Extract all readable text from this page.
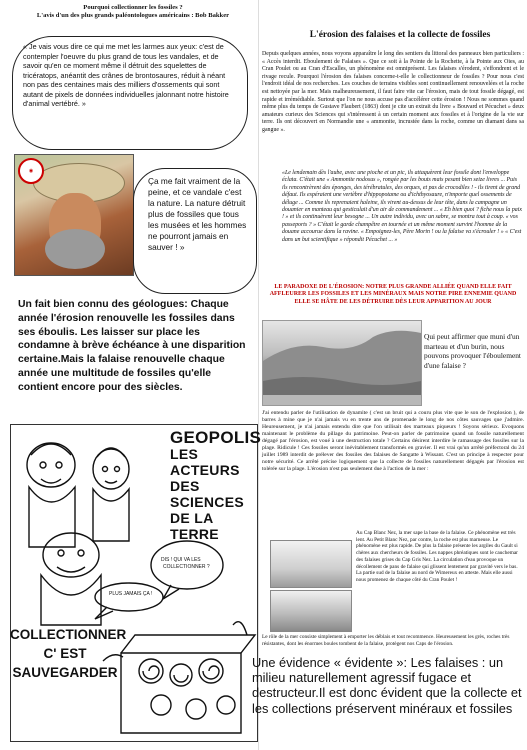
Pourquoi collectionner les fossiles ?
L'avis d'un des plus grands paléontologues américains : Bob Bakker
« Je vais vous dire ce qui me met les larmes aux yeux: c'est de contempler l'oeuvre du plus grand de tous les vandales, et de savoir qu'en ce moment même il détruit des squelettes de tricératops, anéantit des crânes de brontosaures, réduit à néant non pas des centaines mais des milliers d'ossements qui sont autant de pixels de données individuelles jalonnant notre histoire d'animal vertébré. »
◉
Ça me fait vraiment de la peine, et ce vandale c'est la nature. La nature détruit plus de fossiles que tous les musées et les hommes ne pourront jamais en sauver ! »
Un fait bien connu des géologues: Chaque année l'érosion renouvelle les fossiles dans ses éboulis. Les laisser sur place les condamne à brève échéance à une disparition certaine.Mais la falaise renouvelle chaque année une multitude de fossiles qu'elle contient encore pour des siècles.
PLUS JAMAIS ÇA !
DIS ! QUI VA LES
COLLECTIONNER ?
GEOPOLIS
LES ACTEURS
DES SCIENCES
DE LA TERRE
COLLECTIONNER
C' EST
SAUVEGARDER
L'érosion des falaises et la collecte de fossiles
Depuis quelques années, nous voyons apparaître le long des sentiers du littoral des panneaux bien particuliers : « Accès interdit. Eboulement de Falaises ». Que ce soit à la Pointe de la Rochette, à la Pointe aux Oies, au Cran Poulet ou au Cran d'Escalles, un phénomène est omniprésent. Les falaises s'érodent, s'effondrent et le rivage recule. Pourquoi l'érosion des falaises concerne-t-elle le collectionneur de fossiles ? Pour nous c'est l'endroit idéal de nos recherches. Les couches de terrains visibles sont continuellement renouvelées et la roche est nettoyée par la mer. Mais malheureusement, il faut faire vite car l'érosion, mais de tout fossile dégagé, est rapide et irrémédiable. Surtout que l'on ne nous accuse pas d'accélérer cette érosion ! Nous ne sommes quand même plus du temps de Gustave Flaubert (1863) dont je cite un extrait du livre « Bouvard et Pécuchet » deux amateurs curieux des Sciences qui s'intéressent à un certain moment aux fossiles et à l'origine de la vie sur terre. Ils ont découvert en Normandie une « ammonite, incrustée dans la roche, comme un diamant dans sa gangue ».
«Le lendemain dès l'aube, avec une pioche et un pic, ils attaquèrent leur fossile dont l'enveloppe éclata. C'était une « Ammonite nodosus », rongée par les bouts mais pesant bien seize livres ... Puis ils rencontrèrent des éponges, des térébratules, des orques, et pas de crocodiles ! - ils tirent de grand défaut. Ils espéraient une vertèbre d'hippopotame ou d'ichthyosaure, n'importe quel ossements de déluge ... Comme ils reprenaient haleine, ils virent au-dessus de leur tête, dans la campagne un douanier en manteau qui gesticulait d'un air de commandement ... « Eh bien quoi ? fiche nous la paix ! » et ils continuèrent leur besogne ... Un autre individu, avec un sabre, se montra tout à coup. « vos passeports ? » C'était le garde champêtre en tournée et un même moment survint l'homme de la douane accourue dans la ravine. « Empoignez-les, Père Morin ! ou la falaise va s'écrouler ! » « C'est dans un but scientifique » répondit Pécuchet ... »
LE PARADOXE DE L'ÉROSION: NOTRE PLUS GRANDE ALLIÉE QUAND ELLE FAIT AFFLEURER LES FOSSILES ET LES MINÉRAUX MAIS NOTRE PIRE ENNEMIE QUAND ELLE SE HÂTE DE LES DÉTRUIRE DÈS LEUR APPARITION AU JOUR
Qui peut affirmer que muni d'un marteau et d'un burin, nous pouvons provoquer l'éboulement d'une falaise ?
J'ai entendu parler de l'utilisation de dynamite ( c'est un bruit qui a couru plus vite que le son de l'explosion ), de barres à mine que je n'ai jamais vu en trente ans de promenade le long de nos côtes sauvages que j'admire. Heureusement, je n'ai jamais entendu dire que l'on utilisait des marteaux piqueurs ! Soyons sérieux. Evoquons maintenant le problème du pillage du patrimoine. Peut-on parler de patrimoine quand un fossile naturellement dégagé par l'érosion, est voué à une destruction totale ? Certains désirent interdire le ramassage des fossiles sur la plage. Ridicule ! Ces fossiles seront inévitablement transformés en gravier. Il est vrai qu'un arrêté préfectoral du 24 juillet 1989 interdit de prélever des fossiles des falaises de Sangatte à Wissant. C'est un principe à respecter pour notre sécurité. Ce arrêté précise logiquement que la collecte de fossiles naturellement dégagés par l'érosion est tolérée sur la plage. L'érosion n'est pas seulement due à l'action de la mer :
Au Cap Blanc Nez, la mer sape la base de la falaise. Ce phénomène est très lent. Au Petit Blanc Nez, par contre, la roche est plus marneuse. Le phénomène est plus rapide. De plus la falaise présente les argiles du Gault si chères aux chercheurs de fossiles. Les nappes phréatiques sont le cauchemar des falaises grises du Cap Gris Nez. La circulation d'eau provoque un décollement de pans de falaise qui glissent lentement par gravité vers le bas. La partie sud de la falaise au nord de Wimereux en atteste. Mais elle aussi nous promenez de chaque côté du Cran Poulet !
Le rôle de la mer consiste simplement à emporter les déblais et tout recommence. Heureusement les grès, roches très résistantes, dont les énormes boules tombent de la falaise, protègent nos Caps de l'érosion.
Une évidence « évidente »: Les falaises : un milieu naturellement agressif fugace et destructeur.Il est donc évident que la collecte et les collections préservent minéraux et fossiles
